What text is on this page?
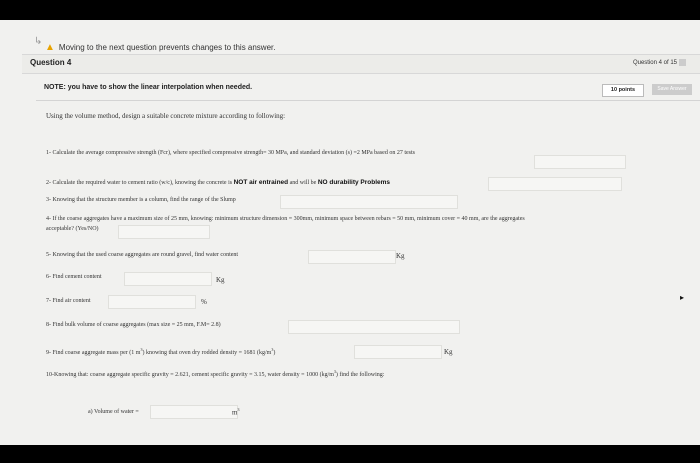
↳
▲ Moving to the next question prevents changes to this answer.
Question 4	Question 4 of 15
NOTE: you have to show the linear interpolation when needed.	10 points	Save Answer
Using the volume method, design a suitable concrete mixture according to following:
1- Calculate the average compressive strength (Fcr), where specified compressive strength= 30 MPa, and standard deviation (s) =2 MPa based on 27 tests
2- Calculate the required water to cement ratio (w/c), knowing the concrete is NOT air entrained and will be NO durability Problems
3- Knowing that the structure member is a column, find the range of the Slump
4- If the coarse aggregates have a maximum size of 25 mm, knowing: minimum structure dimension = 300mm, minimum space between rebars = 50 mm, minimum cover = 40 mm, are the aggregates
acceptable? (Yes/NO)
5- Knowing that the used coarse aggregates are round gravel, find water content	Kg
6- Find cement content	Kg
7- Find air content	%
8- Find bulk volume of coarse aggregates (max size = 25 mm, F.M= 2.8)
9- Find coarse aggregate mass per (1 $m^3$) knowing that oven dry rodded density = 1681 $(kg/m^3)$	Kg
10-Knowing that: coarse aggregate specific gravity = 2.621, cement specific gravity = 3.15, water density = 1000 $(kg/m^3)$ find the following:
a) Volume of water =	$m^3$
▸
